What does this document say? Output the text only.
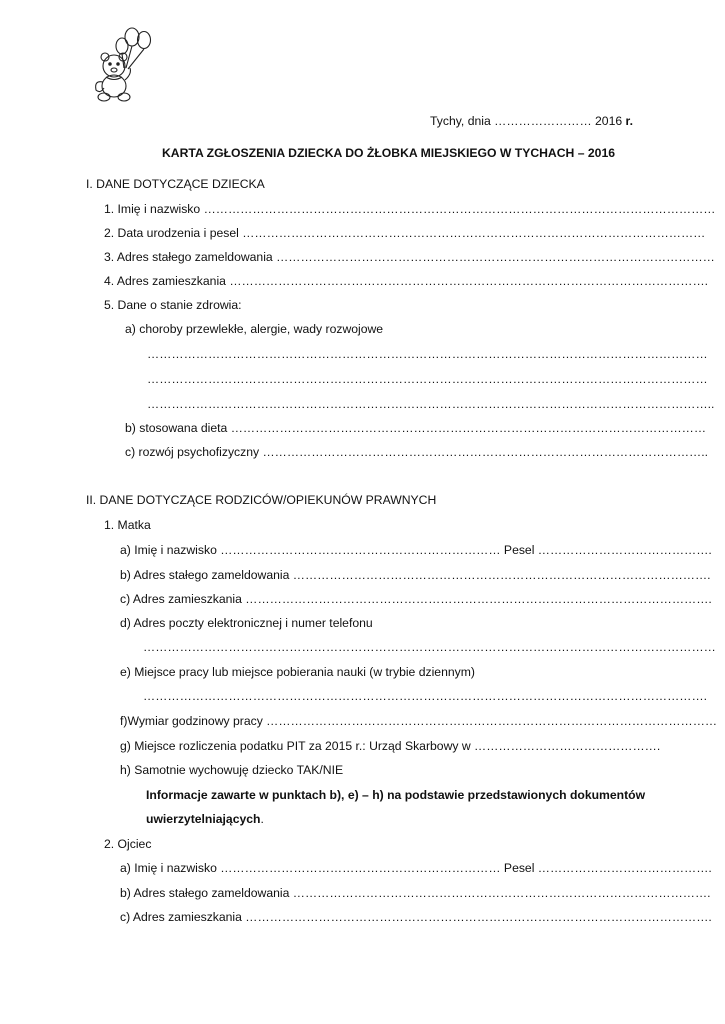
Tychy, dnia …………………… 2016 r.
KARTA ZGŁOSZENIA DZIECKA DO ŻŁOBKA MIEJSKIEGO W TYCHACH – 2016
I. DANE DOTYCZĄCE DZIECKA
1. Imię i nazwisko ………………………………………………………………………………………………………………
2. Data urodzenia i pesel ……………………………………………………………………………………………………
3. Adres stałego zameldowania ………………………………………………………………………………………………
4. Adres zamieszkania ……………………………………………………………………………………………………….
5. Dane o stanie zdrowia:
a) choroby przewlekłe, alergie, wady rozwojowe
…………………………………………………………………………………………………………………………
…………………………………………………………………………………………………………………………
…………………………………………………………………………………………………………………………..
b) stosowana dieta ………………………………………………………………………………………………………
c) rozwój psychofizyczny ………………………………………………………………………………………………..
II. DANE DOTYCZĄCE RODZICÓW/OPIEKUNÓW PRAWNYCH
1. Matka
a) Imię i nazwisko …………………………………………………………… Pesel …………………………………….
b) Adres stałego zameldowania ………………………………………………………………………………………….
c) Adres zamieszkania …………………………………………………………………………………………………….
d) Adres poczty elektronicznej i numer telefonu
……………………………………………………………………………………………………………………………
e) Miejsce pracy lub miejsce pobierania nauki (w trybie dziennym)
………………………………………………………………………………………………………………………….
f)Wymiar godzinowy pracy …………………………………………………………………………………………………
g) Miejsce rozliczenia podatku PIT za 2015 r.: Urząd Skarbowy w ……………………………………….
h) Samotnie wychowuję dziecko TAK/NIE
Informacje zawarte w punktach b), e) – h) na podstawie przedstawionych dokumentów
uwierzytelniających.
2. Ojciec
a) Imię i nazwisko …………………………………………………………… Pesel …………………………………….
b) Adres stałego zameldowania ………………………………………………………………………………………….
c) Adres zamieszkania …………………………………………………………………………………………………….
